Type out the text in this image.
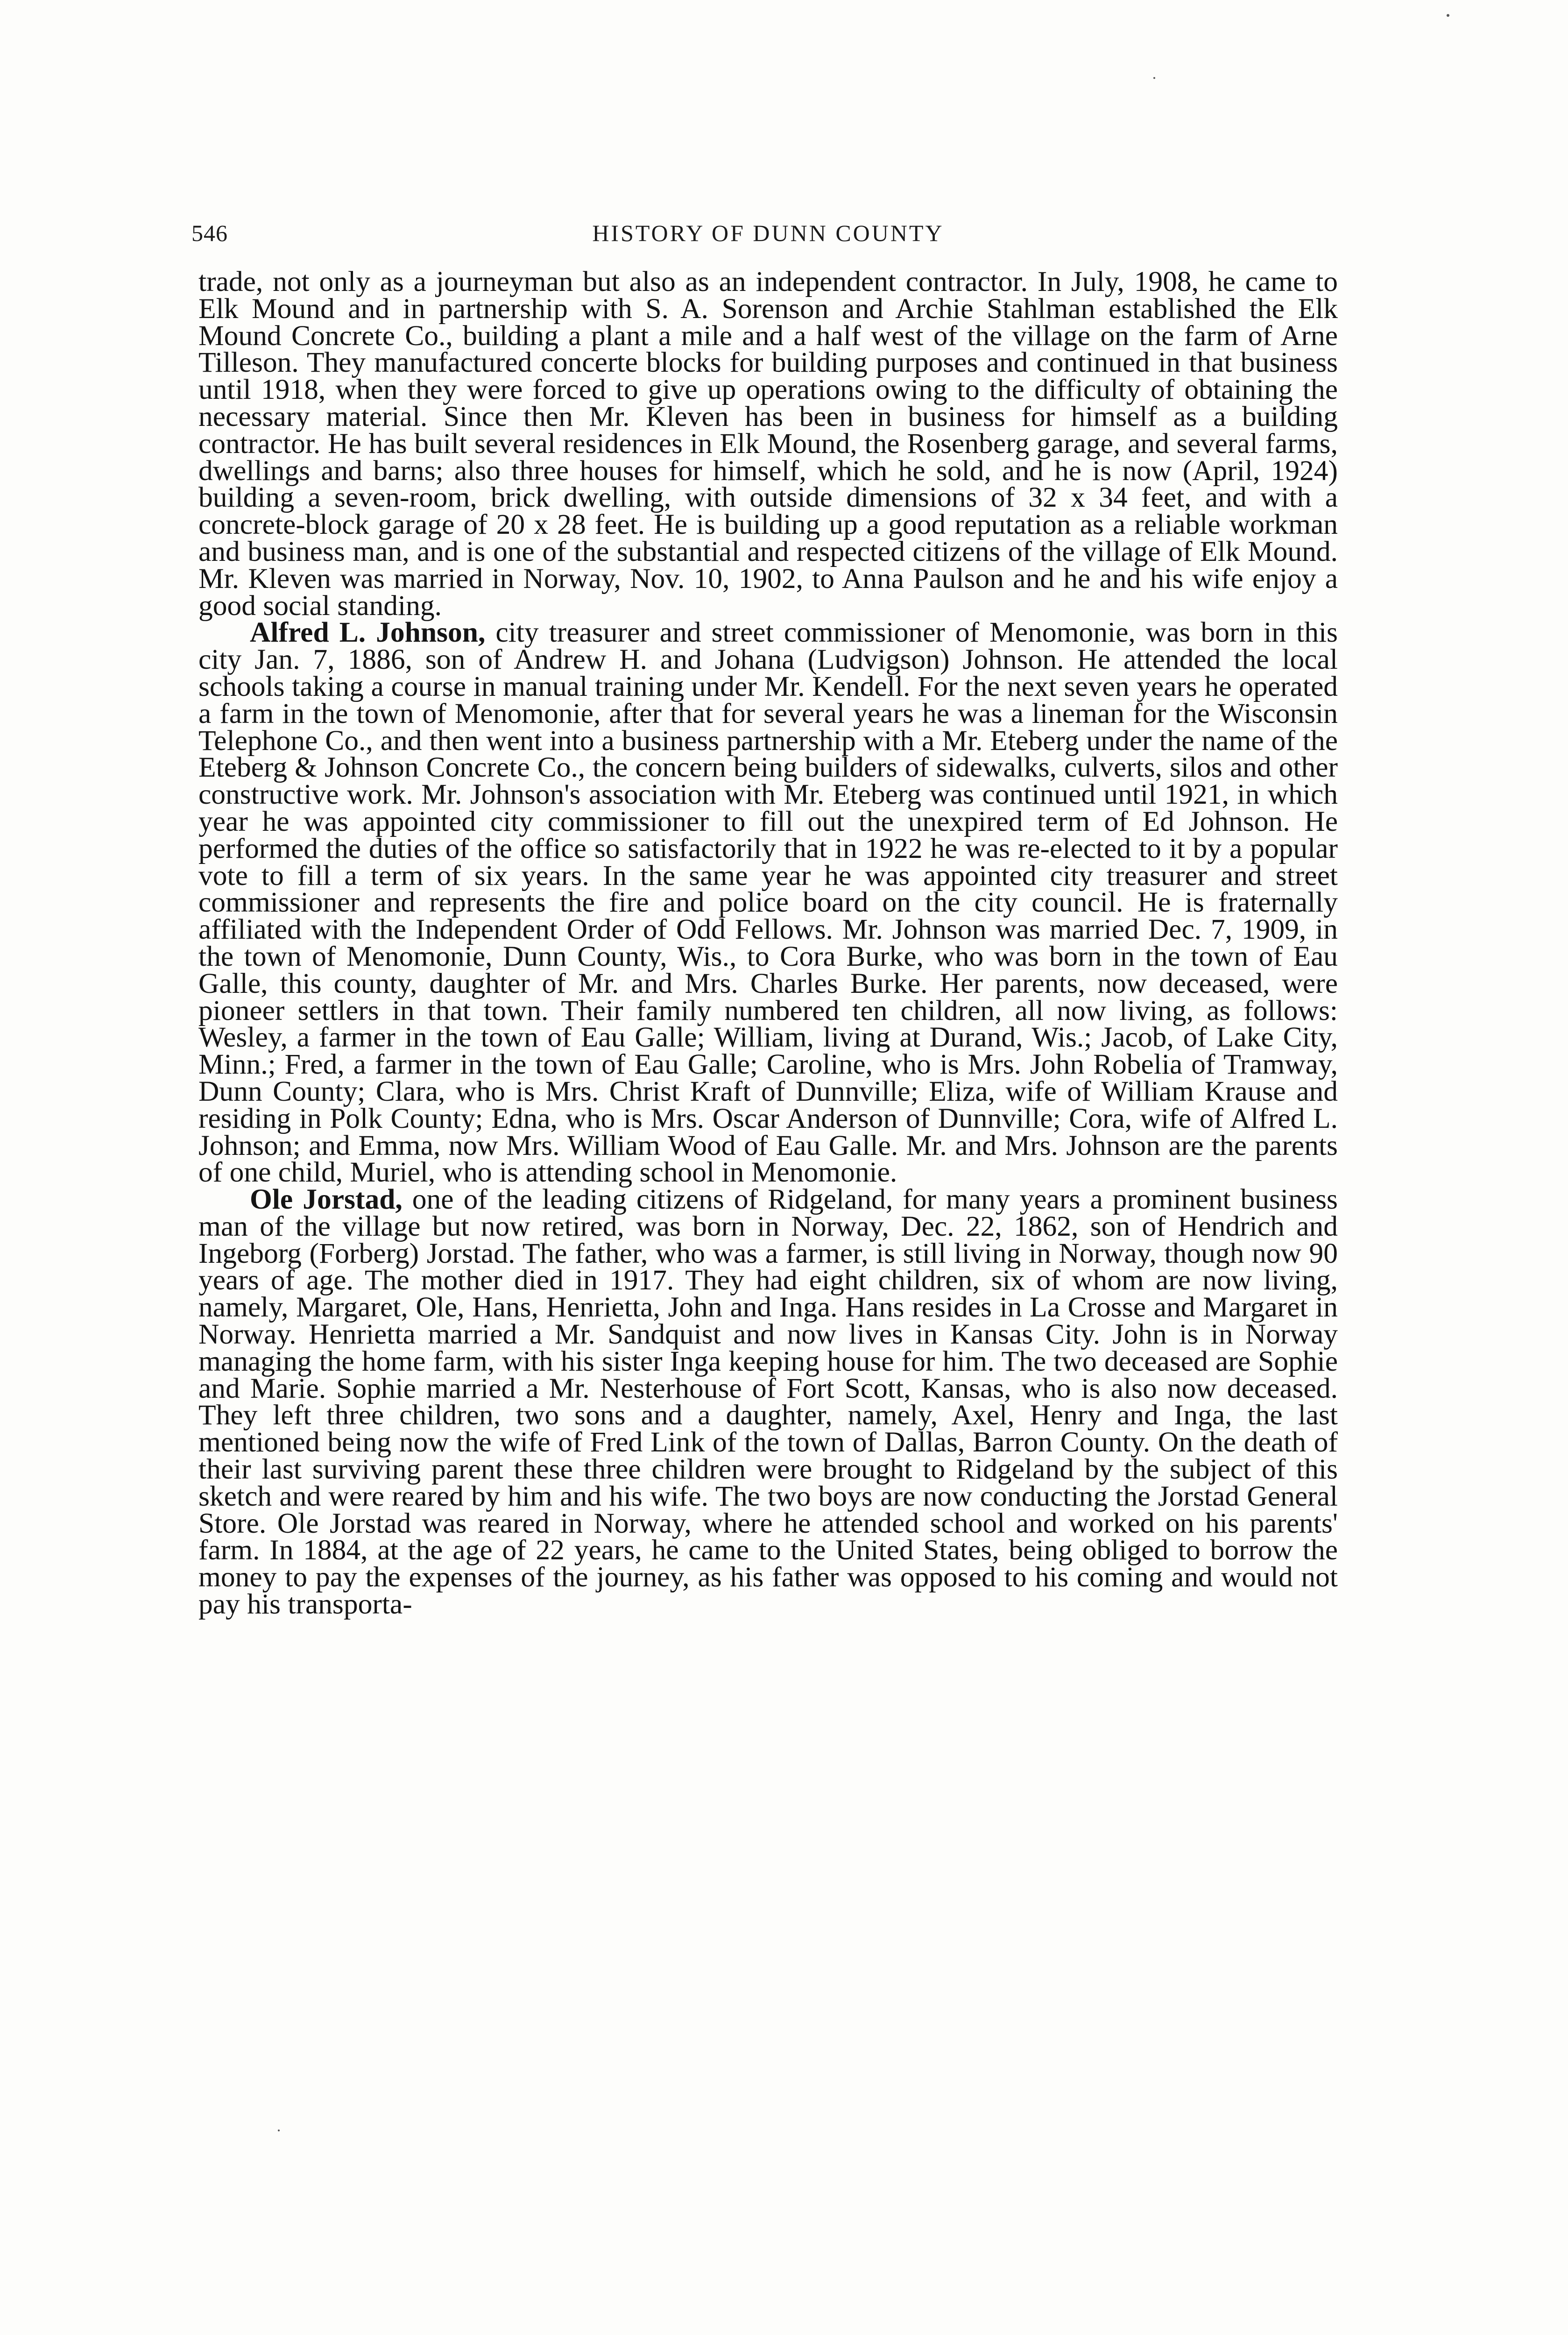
546	HISTORY OF DUNN COUNTY

trade, not only as a journeyman but also as an independent contractor. In July, 1908, he came to Elk Mound and in partnership with S. A. Sorenson and Archie Stahlman established the Elk Mound Concrete Co., building a plant a mile and a half west of the village on the farm of Arne Tilleson. They manufactured concerte blocks for building purposes and continued in that business until 1918, when they were forced to give up operations owing to the difficulty of obtaining the necessary material. Since then Mr. Kleven has been in business for himself as a building contractor. He has built several residences in Elk Mound, the Rosenberg garage, and several farms, dwellings and barns; also three houses for himself, which he sold, and he is now (April, 1924) building a seven-room, brick dwelling, with outside dimensions of 32 x 34 feet, and with a concrete-block garage of 20 x 28 feet. He is building up a good reputation as a reliable workman and business man, and is one of the substantial and respected citizens of the village of Elk Mound. Mr. Kleven was married in Norway, Nov. 10, 1902, to Anna Paulson and he and his wife enjoy a good social standing.

Alfred L. Johnson, city treasurer and street commissioner of Menomonie, was born in this city Jan. 7, 1886, son of Andrew H. and Johana (Ludvigson) Johnson. He attended the local schools taking a course in manual training under Mr. Kendell. For the next seven years he operated a farm in the town of Menomonie, after that for several years he was a lineman for the Wisconsin Telephone Co., and then went into a business partnership with a Mr. Eteberg under the name of the Eteberg & Johnson Concrete Co., the concern being builders of sidewalks, culverts, silos and other constructive work. Mr. Johnson's association with Mr. Eteberg was continued until 1921, in which year he was appointed city commissioner to fill out the unexpired term of Ed Johnson. He performed the duties of the office so satisfactorily that in 1922 he was re-elected to it by a popular vote to fill a term of six years. In the same year he was appointed city treasurer and street commissioner and represents the fire and police board on the city council. He is fraternally affiliated with the Independent Order of Odd Fellows. Mr. Johnson was married Dec. 7, 1909, in the town of Menomonie, Dunn County, Wis., to Cora Burke, who was born in the town of Eau Galle, this county, daughter of Mr. and Mrs. Charles Burke. Her parents, now deceased, were pioneer settlers in that town. Their family numbered ten children, all now living, as follows: Wesley, a farmer in the town of Eau Galle; William, living at Durand, Wis.; Jacob, of Lake City, Minn.; Fred, a farmer in the town of Eau Galle; Caroline, who is Mrs. John Robelia of Tramway, Dunn County; Clara, who is Mrs. Christ Kraft of Dunnville; Eliza, wife of William Krause and residing in Polk County; Edna, who is Mrs. Oscar Anderson of Dunnville; Cora, wife of Alfred L. Johnson; and Emma, now Mrs. William Wood of Eau Galle. Mr. and Mrs. Johnson are the parents of one child, Muriel, who is attending school in Menomonie.

Ole Jorstad, one of the leading citizens of Ridgeland, for many years a prominent business man of the village but now retired, was born in Norway, Dec. 22, 1862, son of Hendrich and Ingeborg (Forberg) Jorstad. The father, who was a farmer, is still living in Norway, though now 90 years of age. The mother died in 1917. They had eight children, six of whom are now living, namely, Margaret, Ole, Hans, Henrietta, John and Inga. Hans resides in La Crosse and Margaret in Norway. Henrietta married a Mr. Sandquist and now lives in Kansas City. John is in Norway managing the home farm, with his sister Inga keeping house for him. The two deceased are Sophie and Marie. Sophie married a Mr. Nesterhouse of Fort Scott, Kansas, who is also now deceased. They left three children, two sons and a daughter, namely, Axel, Henry and Inga, the last mentioned being now the wife of Fred Link of the town of Dallas, Barron County. On the death of their last surviving parent these three children were brought to Ridgeland by the subject of this sketch and were reared by him and his wife. The two boys are now conducting the Jorstad General Store. Ole Jorstad was reared in Norway, where he attended school and worked on his parents' farm. In 1884, at the age of 22 years, he came to the United States, being obliged to borrow the money to pay the expenses of the journey, as his father was opposed to his coming and would not pay his transporta-
